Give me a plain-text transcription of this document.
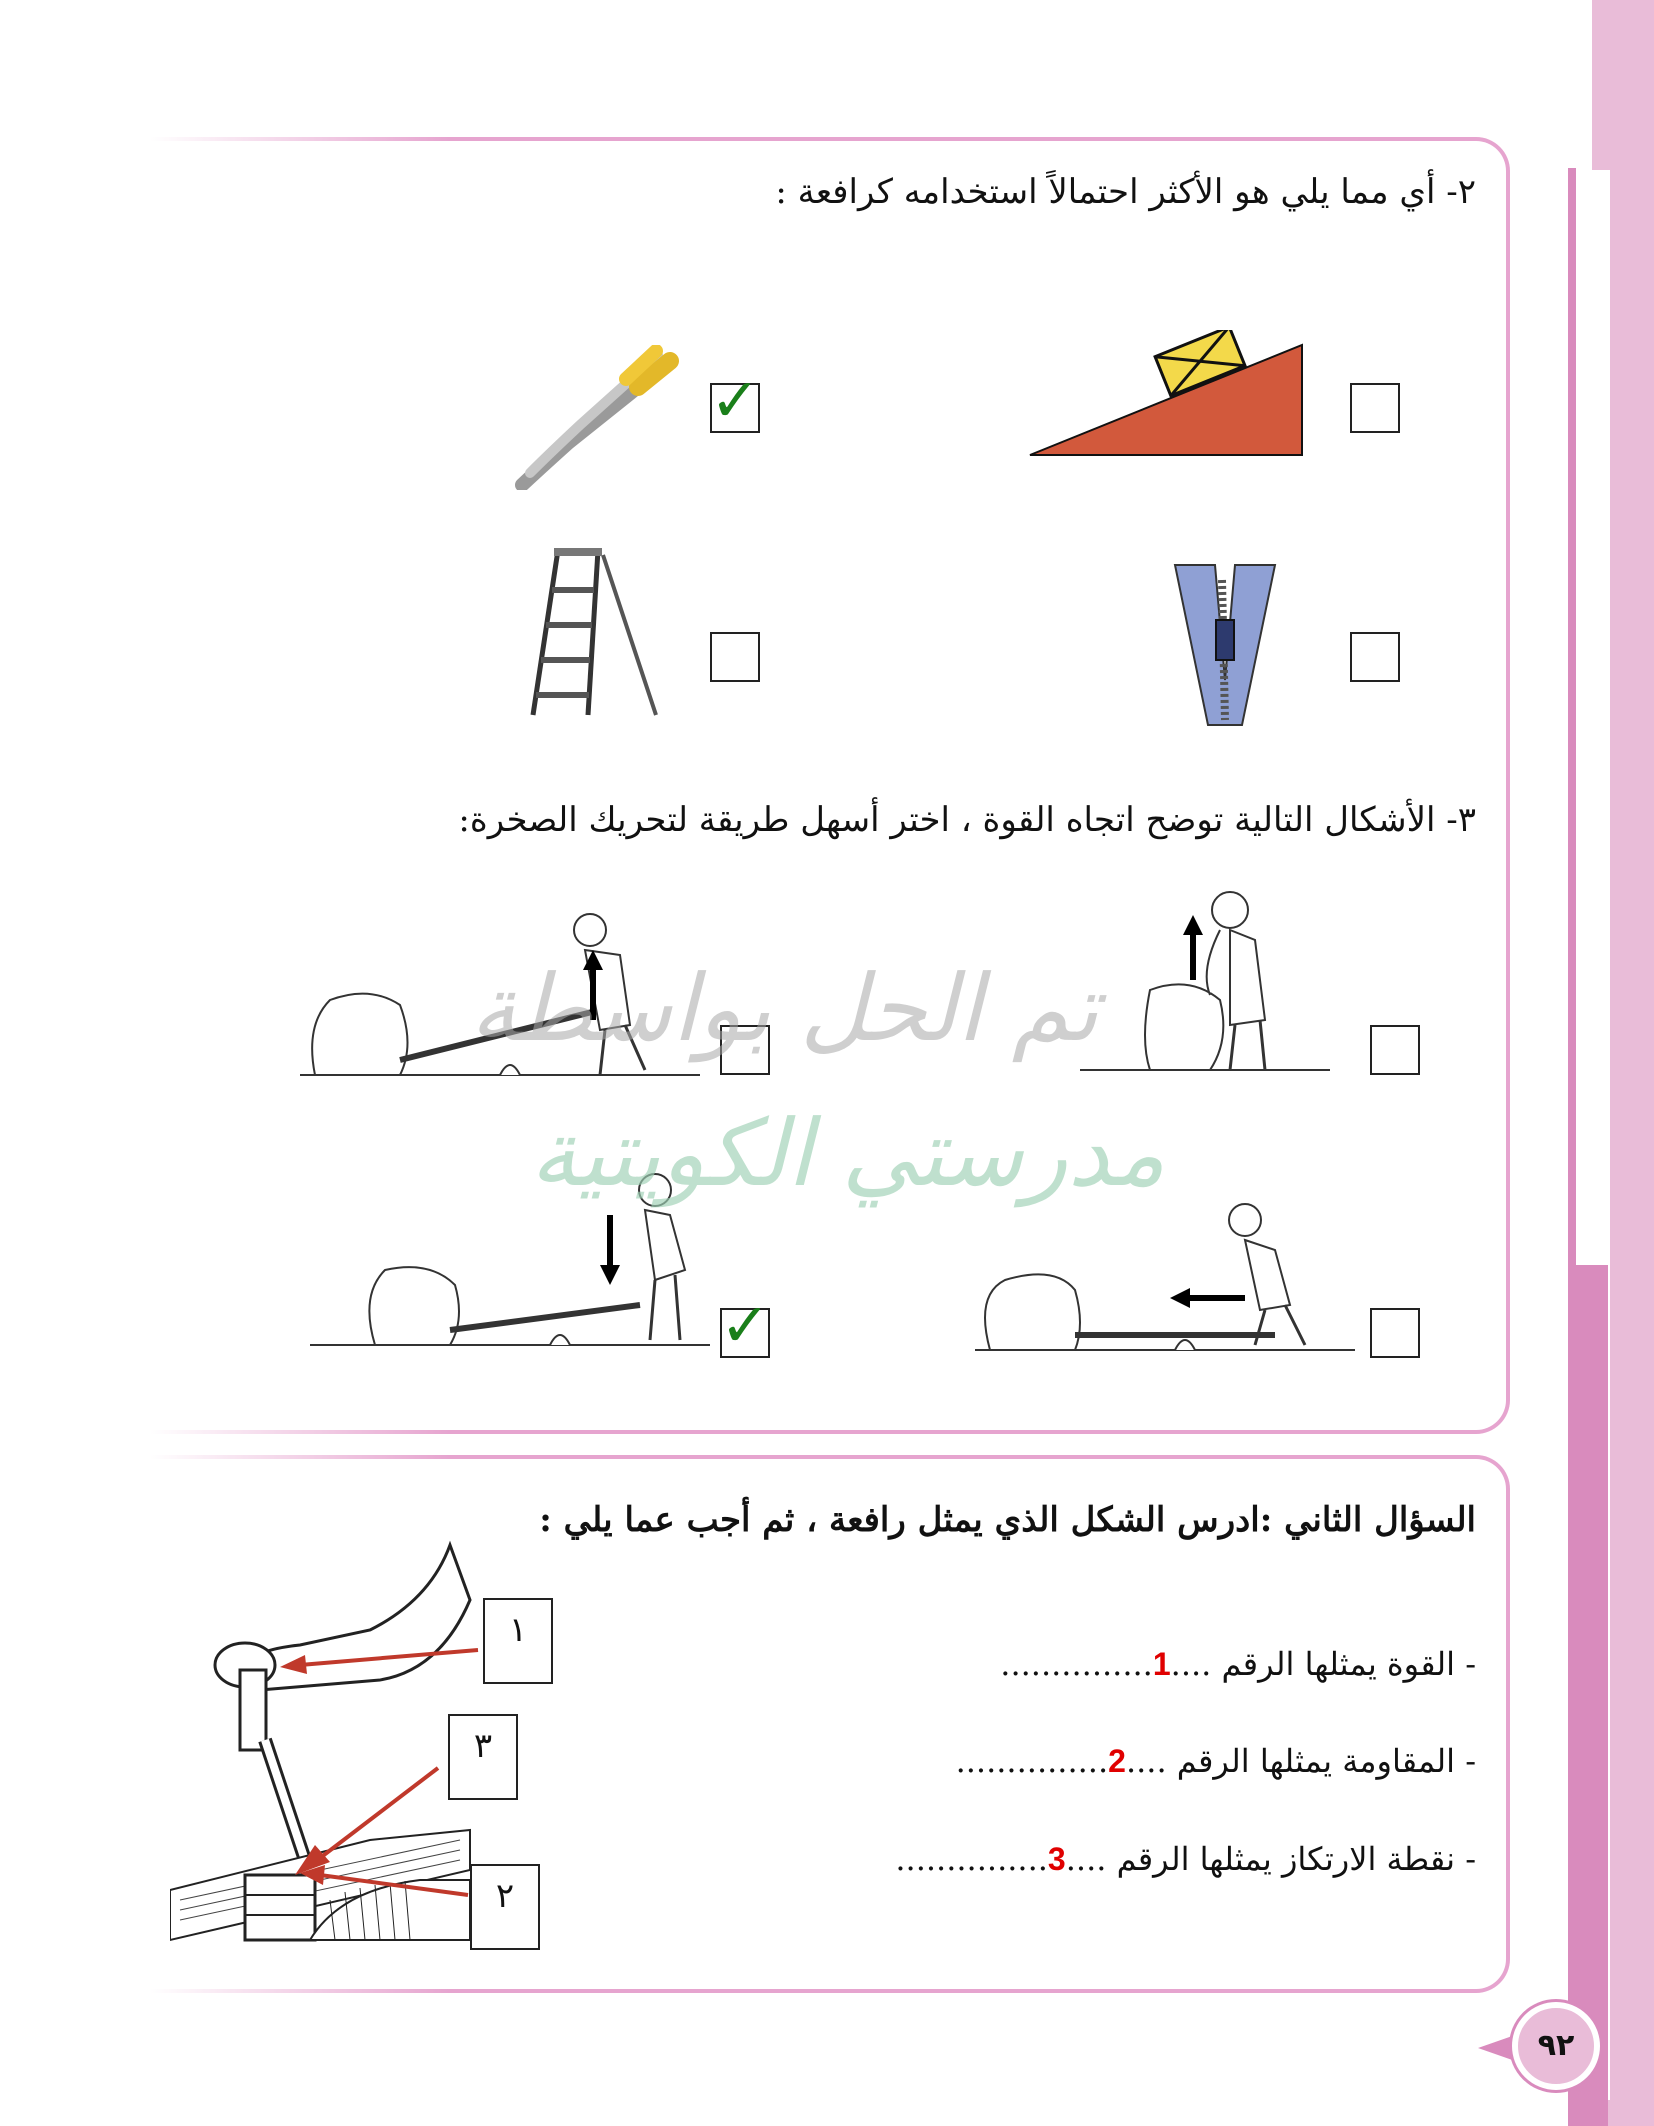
٢- أي مما يلي هو الأكثر احتمالاً استخدامه كرافعة :
✓
٣- الأشكال التالية توضح اتجاه القوة ، اختر أسهل طريقة لتحريك الصخرة:
✓
تم الحل بواسطة
مدرستي الكويتية
السؤال الثاني :ادرس الشكل الذي يمثل رافعة ، ثم أجب عما يلي :
١
٣
٢
- القوة يمثلها الرقم ....1...............
- المقاومة يمثلها الرقم ....2...............
- نقطة الارتكاز يمثلها الرقم ....3...............
٩٢
